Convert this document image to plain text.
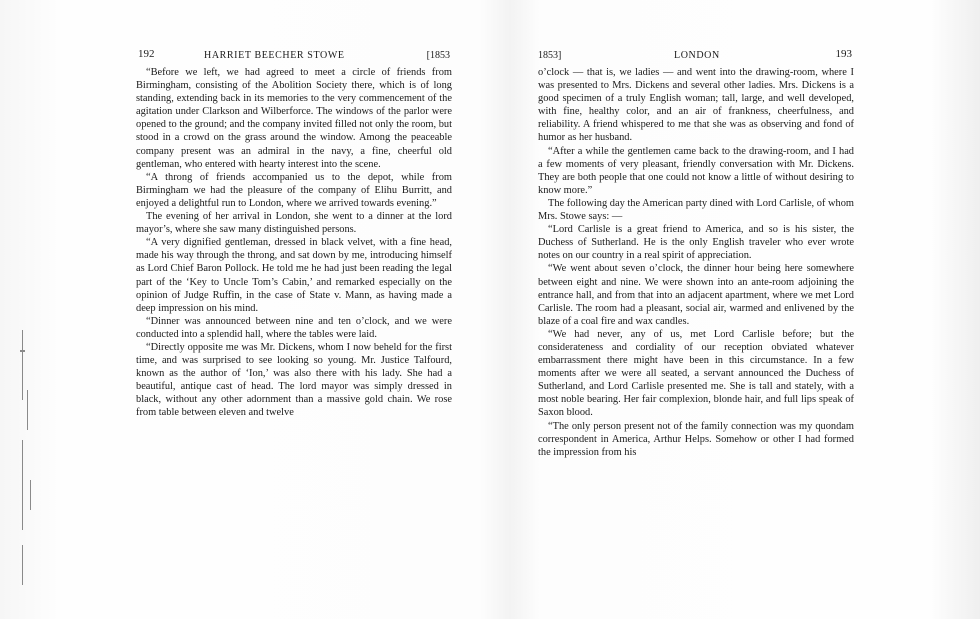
192	HARRIET BEECHER STOWE	[1853

“Before we left, we had agreed to meet a circle of friends from Birmingham, consisting of the Abolition Society there, which is of long standing, extending back in its memories to the very commencement of the agitation under Clarkson and Wilberforce. The windows of the parlor were opened to the ground; and the company invited filled not only the room, but stood in a crowd on the grass around the window. Among the peaceable company present was an admiral in the navy, a fine, cheerful old gentleman, who entered with hearty interest into the scene.

“A throng of friends accompanied us to the depot, while from Birmingham we had the pleasure of the company of Elihu Burritt, and enjoyed a delightful run to London, where we arrived towards evening.”

The evening of her arrival in London, she went to a dinner at the lord mayor’s, where she saw many distinguished persons.

“A very dignified gentleman, dressed in black velvet, with a fine head, made his way through the throng, and sat down by me, introducing himself as Lord Chief Baron Pollock. He told me he had just been reading the legal part of the ‘Key to Uncle Tom’s Cabin,’ and remarked especially on the opinion of Judge Ruffin, in the case of State v. Mann, as having made a deep impression on his mind.

“Dinner was announced between nine and ten o’clock, and we were conducted into a splendid hall, where the tables were laid.

“Directly opposite me was Mr. Dickens, whom I now beheld for the first time, and was surprised to see looking so young. Mr. Justice Talfourd, known as the author of ‘Ion,’ was also there with his lady. She had a beautiful, antique cast of head. The lord mayor was simply dressed in black, without any other adornment than a massive gold chain. We rose from table between eleven and twelve

1853]	LONDON	193

o’clock — that is, we ladies — and went into the drawing-room, where I was presented to Mrs. Dickens and several other ladies. Mrs. Dickens is a good specimen of a truly English woman; tall, large, and well developed, with fine, healthy color, and an air of frankness, cheerfulness, and reliability. A friend whispered to me that she was as observing and fond of humor as her husband.

“After a while the gentlemen came back to the drawing-room, and I had a few moments of very pleasant, friendly conversation with Mr. Dickens. They are both people that one could not know a little of without desiring to know more.”

The following day the American party dined with Lord Carlisle, of whom Mrs. Stowe says: —

“Lord Carlisle is a great friend to America, and so is his sister, the Duchess of Sutherland. He is the only English traveler who ever wrote notes on our country in a real spirit of appreciation.

“We went about seven o’clock, the dinner hour being here somewhere between eight and nine. We were shown into an ante-room adjoining the entrance hall, and from that into an adjacent apartment, where we met Lord Carlisle. The room had a pleasant, social air, warmed and enlivened by the blaze of a coal fire and wax candles.

“We had never, any of us, met Lord Carlisle before; but the considerateness and cordiality of our reception obviated whatever embarrassment there might have been in this circumstance. In a few moments after we were all seated, a servant announced the Duchess of Sutherland, and Lord Carlisle presented me. She is tall and stately, with a most noble bearing. Her fair complexion, blonde hair, and full lips speak of Saxon blood.

“The only person present not of the family connection was my quondam correspondent in America, Arthur Helps. Somehow or other I had formed the impression from his
